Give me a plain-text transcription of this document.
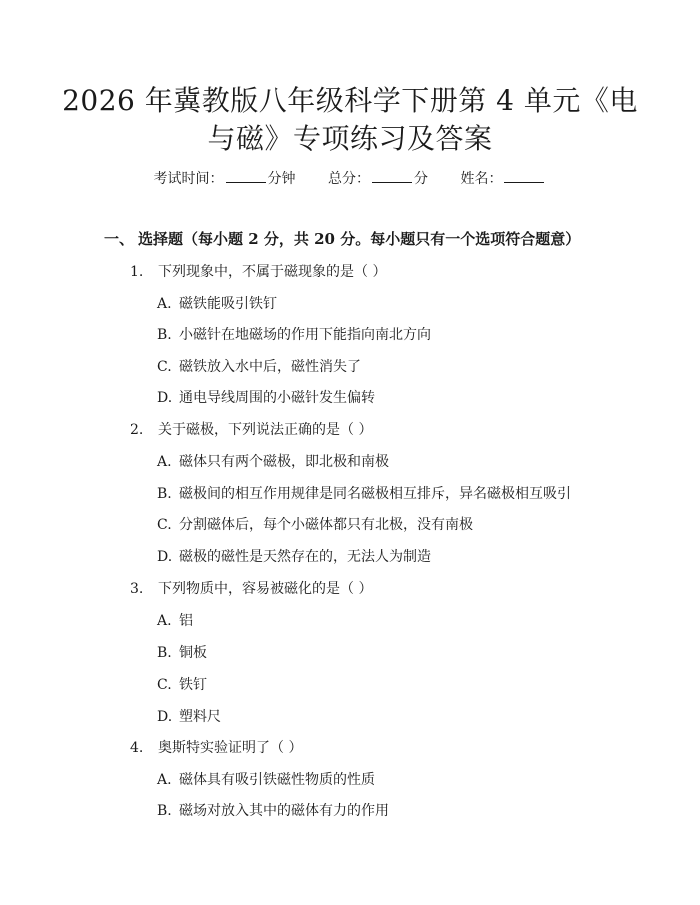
2026 年冀教版八年级科学下册第 4 单元《电
与磁》专项练习及答案
考试时间：	分钟 总分：	分 姓名：
一、 选择题（每小题 2 分，共 20 分。每小题只有一个选项符合题意）
1. 下列现象中，不属于磁现象的是（ ）
A. 磁铁能吸引铁钉
B. 小磁针在地磁场的作用下能指向南北方向
C. 磁铁放入水中后，磁性消失了
D. 通电导线周围的小磁针发生偏转
2. 关于磁极，下列说法正确的是（ ）
A. 磁体只有两个磁极，即北极和南极
B. 磁极间的相互作用规律是同名磁极相互排斥，异名磁极相互吸引
C. 分割磁体后，每个小磁体都只有北极，没有南极
D. 磁极的磁性是天然存在的，无法人为制造
3. 下列物质中，容易被磁化的是（ ）
A. 铝
B. 铜板
C. 铁钉
D. 塑料尺
4. 奥斯特实验证明了（ ）
A. 磁体具有吸引铁磁性物质的性质
B. 磁场对放入其中的磁体有力的作用
